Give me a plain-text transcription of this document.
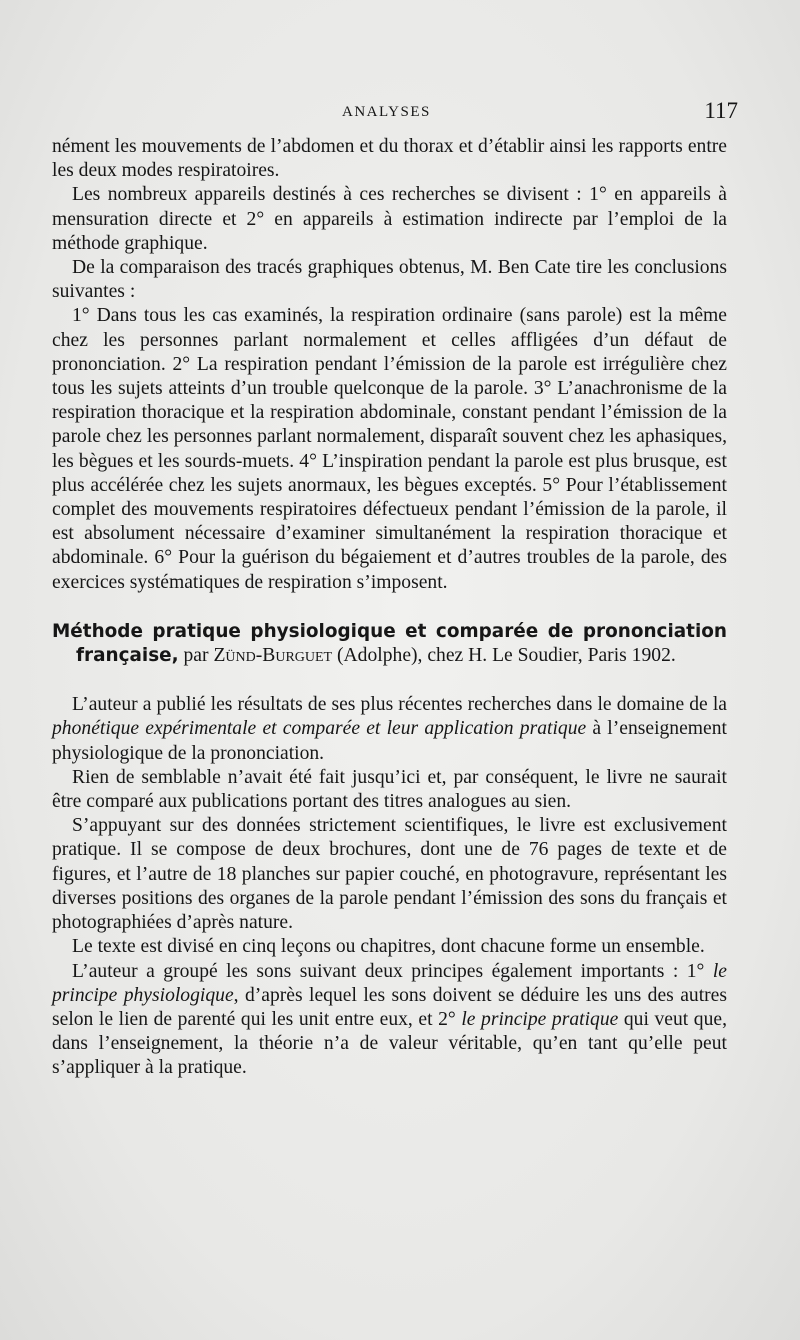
ANALYSES	117

nément les mouvements de l’abdomen et du thorax et d’établir ainsi les rapports entre les deux modes respiratoires.

Les nombreux appareils destinés à ces recherches se divisent : 1° en appareils à mensuration directe et 2° en appareils à estimation indirecte par l’emploi de la méthode graphique.

De la comparaison des tracés graphiques obtenus, M. Ben Cate tire les conclusions suivantes :

1° Dans tous les cas examinés, la respiration ordinaire (sans parole) est la même chez les personnes parlant normalement et celles affligées d’un défaut de prononciation. 2° La respiration pendant l’émission de la parole est irrégulière chez tous les sujets atteints d’un trouble quelconque de la parole. 3° L’anachronisme de la respiration thoracique et la respiration abdominale, constant pendant l’émission de la parole chez les personnes parlant normalement, disparaît souvent chez les aphasiques, les bègues et les sourds-muets. 4° L’inspiration pendant la parole est plus brusque, est plus accélérée chez les sujets anormaux, les bègues exceptés. 5° Pour l’établissement complet des mouvements respiratoires défectueux pendant l’émission de la parole, il est absolument nécessaire d’examiner simultanément la respiration thoracique et abdominale. 6° Pour la guérison du bégaiement et d’autres troubles de la parole, des exercices systématiques de respiration s’imposent.

Méthode pratique physiologique et comparée de prononciation française, par Zünd-Burguet (Adolphe), chez H. Le Soudier, Paris 1902.

L’auteur a publié les résultats de ses plus récentes recherches dans le domaine de la phonétique expérimentale et comparée et leur application pratique à l’enseignement physiologique de la prononciation.

Rien de semblable n’avait été fait jusqu’ici et, par conséquent, le livre ne saurait être comparé aux publications portant des titres analogues au sien.

S’appuyant sur des données strictement scientifiques, le livre est exclusivement pratique. Il se compose de deux brochures, dont une de 76 pages de texte et de figures, et l’autre de 18 planches sur papier couché, en photogravure, représentant les diverses positions des organes de la parole pendant l’émission des sons du français et photographiées d’après nature.

Le texte est divisé en cinq leçons ou chapitres, dont chacune forme un ensemble.

L’auteur a groupé les sons suivant deux principes également importants : 1° le principe physiologique, d’après lequel les sons doivent se déduire les uns des autres selon le lien de parenté qui les unit entre eux, et 2° le principe pratique qui veut que, dans l’enseignement, la théorie n’a de valeur véritable, qu’en tant qu’elle peut s’appliquer à la pratique.
